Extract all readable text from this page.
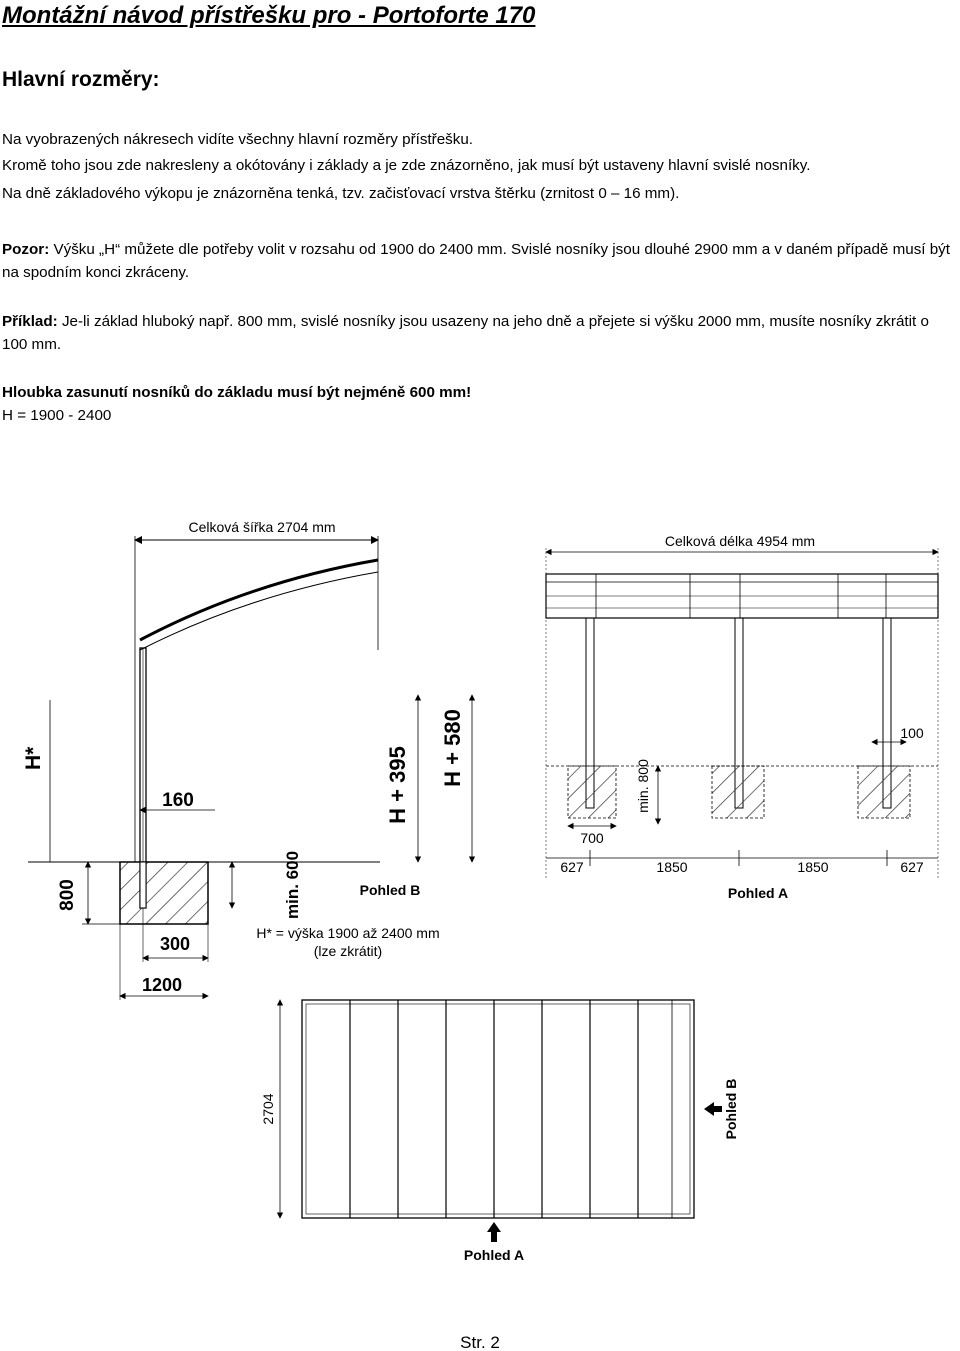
Montážní návod přístřešku pro - Portoforte 170
Hlavní rozměry:
Na vyobrazených nákresech vidíte všechny hlavní rozměry přístřešku.
Kromě toho jsou zde nakresleny a okótovány i základy a je zde znázorněno, jak musí být ustaveny hlavní svislé nosníky.
Na dně základového výkopu je znázorněna tenká, tzv. začisťovací vrstva štěrku (zrnitost 0 – 16 mm).
Pozor: Výšku „H“ můžete dle potřeby volit v rozsahu od 1900 do 2400 mm. Svislé nosníky jsou dlouhé 2900 mm a v daném případě musí být na spodním konci zkráceny.
Příklad: Je-li základ hluboký např. 800 mm, svislé nosníky jsou usazeny na jeho dně a přejete si výšku 2000 mm, musíte nosníky zkrátit o 100 mm.
Hloubka zasunutí nosníků do základu musí být nejméně 600 mm!
H = 1900 - 2400
Celková šířka 2704 mm
H*	H + 395 H + 580
160
800	min. 600
300
1200
Pohled B
H* = výška 1900 až 2400 mm
(lze zkrátit)
Celková délka 4954 mm
100
min. 800
700
627	1850	1850	627
Pohled A
2704	Pohled B
Pohled A
Str. 2
